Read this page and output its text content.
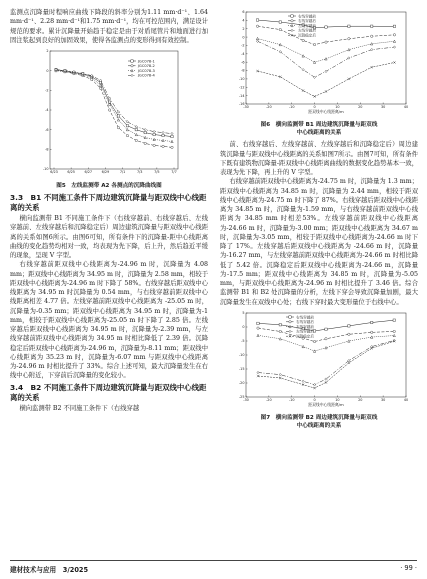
监测点沉降量时程响应曲线下降段的斜率分别为1.11 mm·d⁻¹、1.64 mm·d⁻¹、2.28 mm·d⁻¹和1.75 mm·d⁻¹，均在可控范围内，满足设计规范的要求。累计沉降量开始趋于稳定是由于对盾尾管片和地面进行加固注浆起到良好的加固效果，使得各监测点的变形得到有效控制。

2
0
-2
-4
-6
-8
-10
6/23	6/25	6/27	6/29	7/1	7/3	7/5	7/7
JGC078-1
JGC078-2
JGC078-3
JGC078-4
图5　左线监测带 A2 各测点的沉降曲线图
3.3　B1 不同施工条件下周边建筑沉降量与距双线中心线距离的关系

横向监测带 B1 不同施工条件下（右线穿越前、右线穿越后、左线穿越前、左线穿越后和沉降稳定后）周边建筑沉降量与距双线中心线距离的关系如图6所示。由图6可知，所有条件下的沉降量-距中心线距离曲线的变化趋势均相对一致，均表现为先下降，后上升，然后趋近平缓的现象，呈现 V 字型。

右线穿越前距双线中心线距离为-24.96 m 时，沉降量为 4.08 mm；距双线中心线距离为 34.95 m 时，沉降量为 2.58 mm，相较于距双线中心线距离为-24.96 m 时下降了 58%。右线穿越后距双线中心线距离为 34.95 m 时沉降量为 0.54 mm，与右线穿越前距双线中心线距离相差 4.77 倍。左线穿越前距双线中心线距离为 -25.05 m 时，沉降量为-0.35 mm；距双线中心线距离为 34.95 m 时，沉降量为-1 mm，相较于距双线中心线距离为-25.05 m 时下降了 2.85 倍。左线穿越后距双线中心线距离为 34.95 m 时，沉降量为-2.39 mm，与左线穿越前距双线中心线距离为 34.95 m 时相比降低了 2.39 倍。沉降稳定后距双线中心线距离为-24.96 m，沉降量为-8.11 mm；距双线中心线距离为 35.23 m 时，沉降量为-6.07 mm 与距双线中心线距离为-24.96 m 时相比提升了 33%。综合上述可知，最大沉降量发生在右线中心附近，下穿前后沉降量的变化较小。

3.4　B2 不同施工条件下周边建筑沉降量与距双线中心线距离的关系

横向监测带 B2 不同施工条件下（右线穿越

6
4
2
0
-2
-4
-6
-8
-10
-12
-14
-16
-30	-20	-10	0	10	20	30	40
距双线中心线距离/m
右线穿越前
右线穿越后
左线穿越前
左线穿越后
沉降稳定后
图6　横向监测带 B1 周边建筑沉降量与距双线
中心线距离的关系

前、右线穿越后、左线穿越前、左线穿越后和沉降稳定后）周边建筑沉降量与距双线中心线距离的关系如图7所示。由图7可知，所有条件下既有建筑物沉降量-距双线中心线距离曲线的数据变化趋势基本一致，表现为先下降，再上升的 V 字型。

右线穿越前距双线中心线距离为-24.75 m 时，沉降量为 1.3 mm；距双线中心线距离为 34.85 m 时，沉降量为 2.44 mm，相较于距双线中心线距离为-24.75 m 时下降了 87%。右线穿越后距双线中心线距离为 34.85 m 时，沉降量为-1.59 mm，与右线穿越前距双线中心线距离为 34.85 mm 时相差53%。左线穿越前距双线中心线距离为-24.66 m 时，沉降量为-3.00 mm；距双线中心线距离为 34.67 m 时，沉降量为-3.05 mm，相较于距双线中心线距离为-24.66 m 时下降了 17%。左线穿越后距双线中心线距离为 -24.66 m 时，沉降量为-16.27 mm，与左线穿越前距双线中心线距离为-24.66 m 时相比降低了 5.42 倍。沉降稳定后距双线中心线距离为-24.66 m，沉降量为-17.5 mm；距双线中心线距离为 34.85 m 时，沉降量为-5.05 mm，与距双线中心线距离为-24.96 m 时相比提升了 3.46 倍。综合监测带 B1 和 B2 处沉降量的分析，左线下穿会导致沉降量加剧，最大沉降量发生在双线中心处；右线下穿时最大变形量位于右线中心。

5
0
-5
-10
-15
-20
-25
-30	-20	-10	0	10	20	30	40
距双线中心线距离/m
右线穿越前
右线穿越后
左线穿越前
左线穿越后
沉降稳定后
图7　横向监测带 B2 周边建筑沉降量与距双线
中心线距离的关系
建材技术与应用　3/2025	· 99 ·
